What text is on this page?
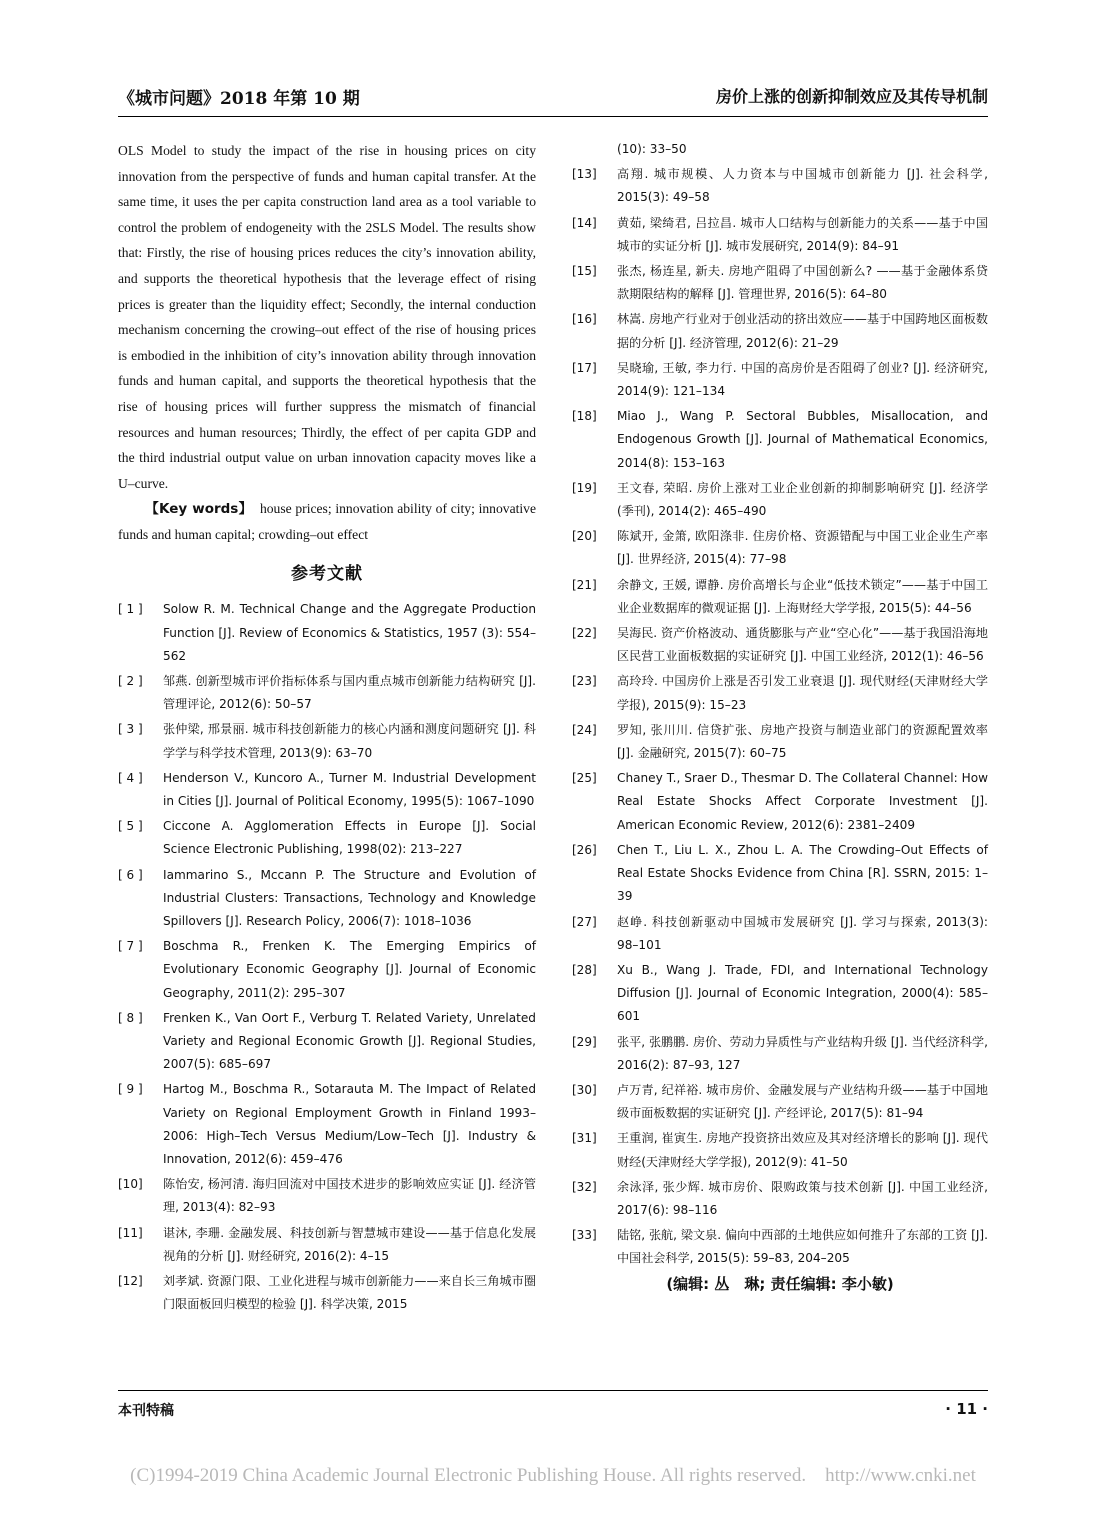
《城市问题》2018 年第 10 期	房价上涨的创新抑制效应及其传导机制

OLS Model to study the impact of the rise in housing prices on city innovation from the perspective of funds and human capital transfer. At the same time, it uses the per capita construction land area as a tool variable to control the problem of endogeneity with the 2SLS Model. The results show that: Firstly, the rise of housing prices reduces the city’s innovation ability, and supports the theoretical hypothesis that the leverage effect of rising prices is greater than the liquidity effect; Secondly, the internal conduction mechanism concerning the crowing–out effect of the rise of housing prices is embodied in the inhibition of city’s innovation ability through innovation funds and human capital, and supports the theoretical hypothesis that the rise of housing prices will further suppress the mismatch of financial resources and human resources; Thirdly, the effect of per capita GDP and the third industrial output value on urban innovation capacity moves like a U–curve.

【Key words】 house prices; innovation ability of city; innovative funds and human capital; crowding–out effect

参考文献
[ 1 ]	Solow R. M. Technical Change and the Aggregate Production Function [J]. Review of Economics & Statistics, 1957 (3): 554–562
[ 2 ]	邹燕. 创新型城市评价指标体系与国内重点城市创新能力结构研究 [J]. 管理评论, 2012(6): 50–57
[ 3 ]	张仲梁, 邢景丽. 城市科技创新能力的核心内涵和测度问题研究 [J]. 科学学与科学技术管理, 2013(9): 63–70
[ 4 ]	Henderson V., Kuncoro A., Turner M. Industrial Development in Cities [J]. Journal of Political Economy, 1995(5): 1067–1090
[ 5 ]	Ciccone A. Agglomeration Effects in Europe [J]. Social Science Electronic Publishing, 1998(02): 213–227
[ 6 ]	Iammarino S., Mccann P. The Structure and Evolution of Industrial Clusters: Transactions, Technology and Knowledge Spillovers [J]. Research Policy, 2006(7): 1018–1036
[ 7 ]	Boschma R., Frenken K. The Emerging Empirics of Evolutionary Economic Geography [J]. Journal of Economic Geography, 2011(2): 295–307
[ 8 ]	Frenken K., Van Oort F., Verburg T. Related Variety, Unrelated Variety and Regional Economic Growth [J]. Regional Studies, 2007(5): 685–697
[ 9 ]	Hartog M., Boschma R., Sotarauta M. The Impact of Related Variety on Regional Employment Growth in Finland 1993–2006: High–Tech Versus Medium/Low–Tech [J]. Industry & Innovation, 2012(6): 459–476
[10]	陈怡安, 杨河清. 海归回流对中国技术进步的影响效应实证 [J]. 经济管理, 2013(4): 82–93
[11]	谌沐, 李珊. 金融发展、科技创新与智慧城市建设——基于信息化发展视角的分析 [J]. 财经研究, 2016(2): 4–15
[12]	刘孝斌. 资源门限、工业化进程与城市创新能力——来自长三角城市圈门限面板回归模型的检验 [J]. 科学决策, 2015
(10): 33–50
[13]	高翔. 城市规模、人力资本与中国城市创新能力 [J]. 社会科学, 2015(3): 49–58
[14]	黄茹, 梁绮君, 吕拉昌. 城市人口结构与创新能力的关系——基于中国城市的实证分析 [J]. 城市发展研究, 2014(9): 84–91
[15]	张杰, 杨连星, 新夫. 房地产阻碍了中国创新么? ——基于金融体系贷款期限结构的解释 [J]. 管理世界, 2016(5): 64–80
[16]	林嵩. 房地产行业对于创业活动的挤出效应——基于中国跨地区面板数据的分析 [J]. 经济管理, 2012(6): 21–29
[17]	吴晓瑜, 王敏, 李力行. 中国的高房价是否阻碍了创业? [J]. 经济研究, 2014(9): 121–134
[18]	Miao J., Wang P. Sectoral Bubbles, Misallocation, and Endogenous Growth [J]. Journal of Mathematical Economics, 2014(8): 153–163
[19]	王文春, 荣昭. 房价上涨对工业企业创新的抑制影响研究 [J]. 经济学(季刊), 2014(2): 465–490
[20]	陈斌开, 金箫, 欧阳涤非. 住房价格、资源错配与中国工业企业生产率 [J]. 世界经济, 2015(4): 77–98
[21]	余静文, 王媛, 谭静. 房价高增长与企业“低技术锁定”——基于中国工业企业数据库的微观证据 [J]. 上海财经大学学报, 2015(5): 44–56
[22]	吴海民. 资产价格波动、通货膨胀与产业“空心化”——基于我国沿海地区民营工业面板数据的实证研究 [J]. 中国工业经济, 2012(1): 46–56
[23]	高玲玲. 中国房价上涨是否引发工业衰退 [J]. 现代财经(天津财经大学学报), 2015(9): 15–23
[24]	罗知, 张川川. 信贷扩张、房地产投资与制造业部门的资源配置效率 [J]. 金融研究, 2015(7): 60–75
[25]	Chaney T., Sraer D., Thesmar D. The Collateral Channel: How Real Estate Shocks Affect Corporate Investment [J]. American Economic Review, 2012(6): 2381–2409
[26]	Chen T., Liu L. X., Zhou L. A. The Crowding–Out Effects of Real Estate Shocks Evidence from China [R]. SSRN, 2015: 1–39
[27]	赵峥. 科技创新驱动中国城市发展研究 [J]. 学习与探索, 2013(3): 98–101
[28]	Xu B., Wang J. Trade, FDI, and International Technology Diffusion [J]. Journal of Economic Integration, 2000(4): 585–601
[29]	张平, 张鹏鹏. 房价、劳动力异质性与产业结构升级 [J]. 当代经济科学, 2016(2): 87–93, 127
[30]	卢万青, 纪祥裕. 城市房价、金融发展与产业结构升级——基于中国地级市面板数据的实证研究 [J]. 产经评论, 2017(5): 81–94
[31]	王重润, 崔寅生. 房地产投资挤出效应及其对经济增长的影响 [J]. 现代财经(天津财经大学学报), 2012(9): 41–50
[32]	余泳泽, 张少辉. 城市房价、限购政策与技术创新 [J]. 中国工业经济, 2017(6): 98–116
[33]	陆铭, 张航, 梁文泉. 偏向中西部的土地供应如何推升了东部的工资 [J]. 中国社会科学, 2015(5): 59–83, 204–205
(编辑: 丛　琳; 责任编辑: 李小敏)
本刊特稿	· 11 ·
(C)1994-2019 China Academic Journal Electronic Publishing House. All rights reserved.　http://www.cnki.net
